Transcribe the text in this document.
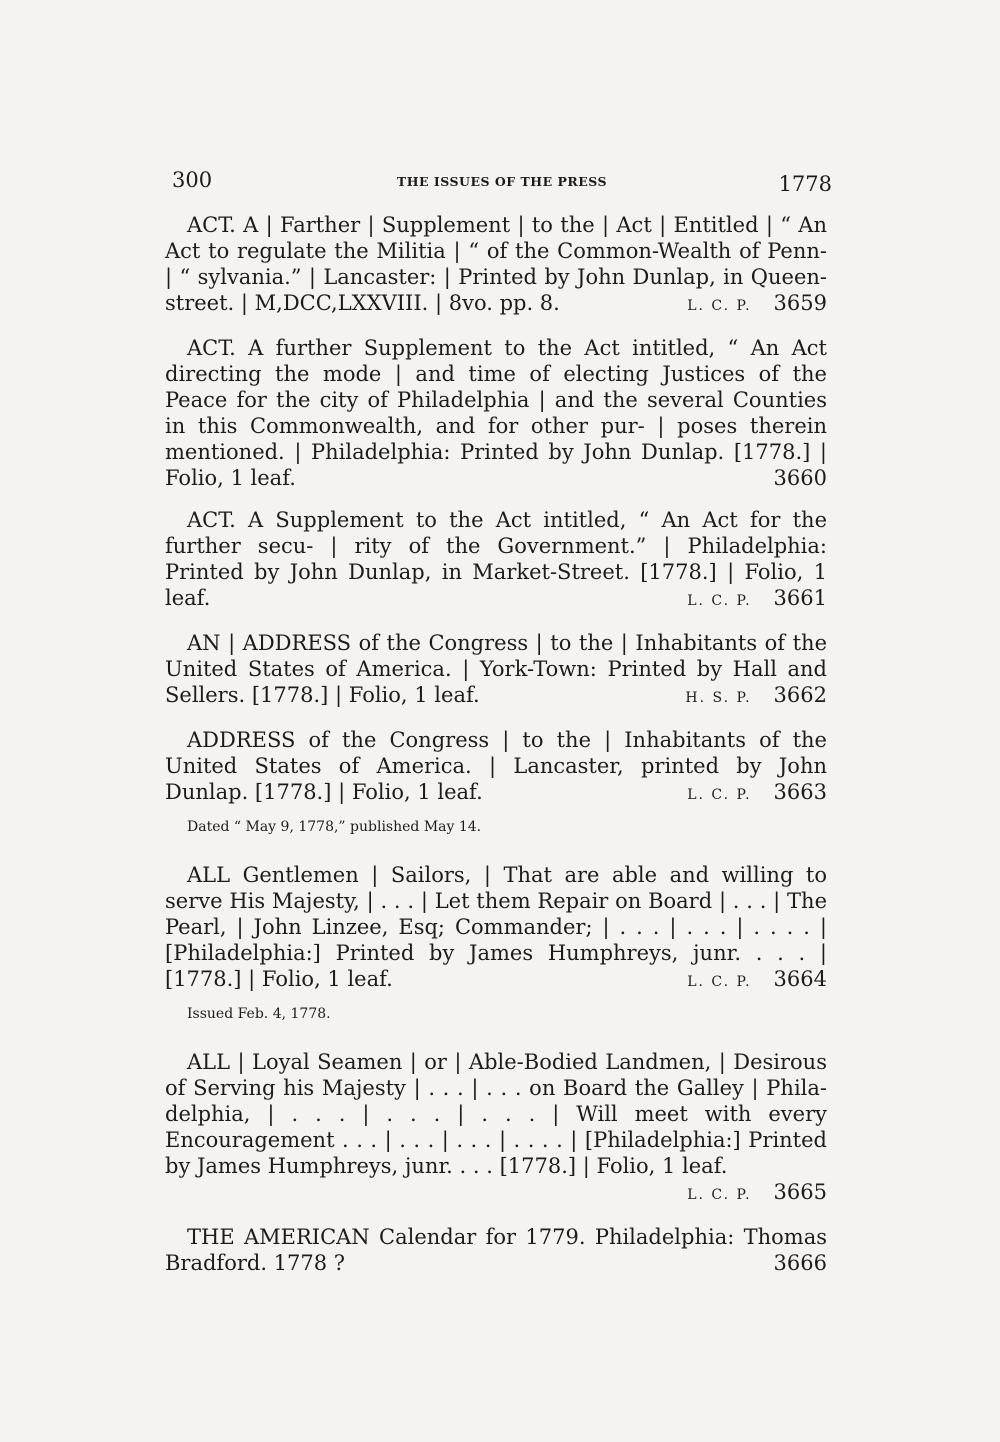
300	THE ISSUES OF THE PRESS	1778
ACT. A | Farther | Supplement | to the | Act | Entitled | “ An Act to regulate the Militia | “ of the Common-Wealth of Penn- | “ sylvania.” | Lancaster: | Printed by John Dunlap, in Queen-street. | M,DCC,LXXVIII. | 8vo. pp. 8.	L. C. P. 3659
ACT. A further Supplement to the Act intitled, “ An Act directing the mode | and time of electing Justices of the Peace for the city of Philadelphia | and the several Counties in this Commonwealth, and for other pur- | poses therein mentioned. | Philadelphia: Printed by John Dunlap. [1778.] | Folio, 1 leaf.	3660
ACT. A Supplement to the Act intitled, “ An Act for the further secu- | rity of the Government.” | Philadelphia: Printed by John Dunlap, in Market-Street. [1778.] | Folio, 1 leaf.	L. C. P. 3661
AN | ADDRESS of the Congress | to the | Inhabitants of the United States of America. | York-Town: Printed by Hall and Sellers. [1778.] | Folio, 1 leaf.	H. S. P. 3662
ADDRESS of the Congress | to the | Inhabitants of the United States of America. | Lancaster, printed by John Dunlap. [1778.] | Folio, 1 leaf.	L. C. P. 3663
Dated “ May 9, 1778,” published May 14.
ALL Gentlemen | Sailors, | That are able and willing to serve His Majesty, | . . . | Let them Repair on Board | . . . | The Pearl, | John Linzee, Esq; Commander; | . . . | . . . | . . . . | [Philadelphia:] Printed by James Humphreys, junr. . . . | [1778.] | Folio, 1 leaf.	L. C. P. 3664
Issued Feb. 4, 1778.
ALL | Loyal Seamen | or | Able-Bodied Landmen, | Desirous of Serving his Majesty | . . . | . . . on Board the Galley | Phila-delphia, | . . . | . . . | . . . | Will meet with every Encouragement . . . | . . . | . . . | . . . . | [Philadelphia:] Printed by James Humphreys, junr. . . . [1778.] | Folio, 1 leaf.
L. C. P. 3665
THE AMERICAN Calendar for 1779. Philadelphia: Thomas Bradford. 1778 ?	3666
